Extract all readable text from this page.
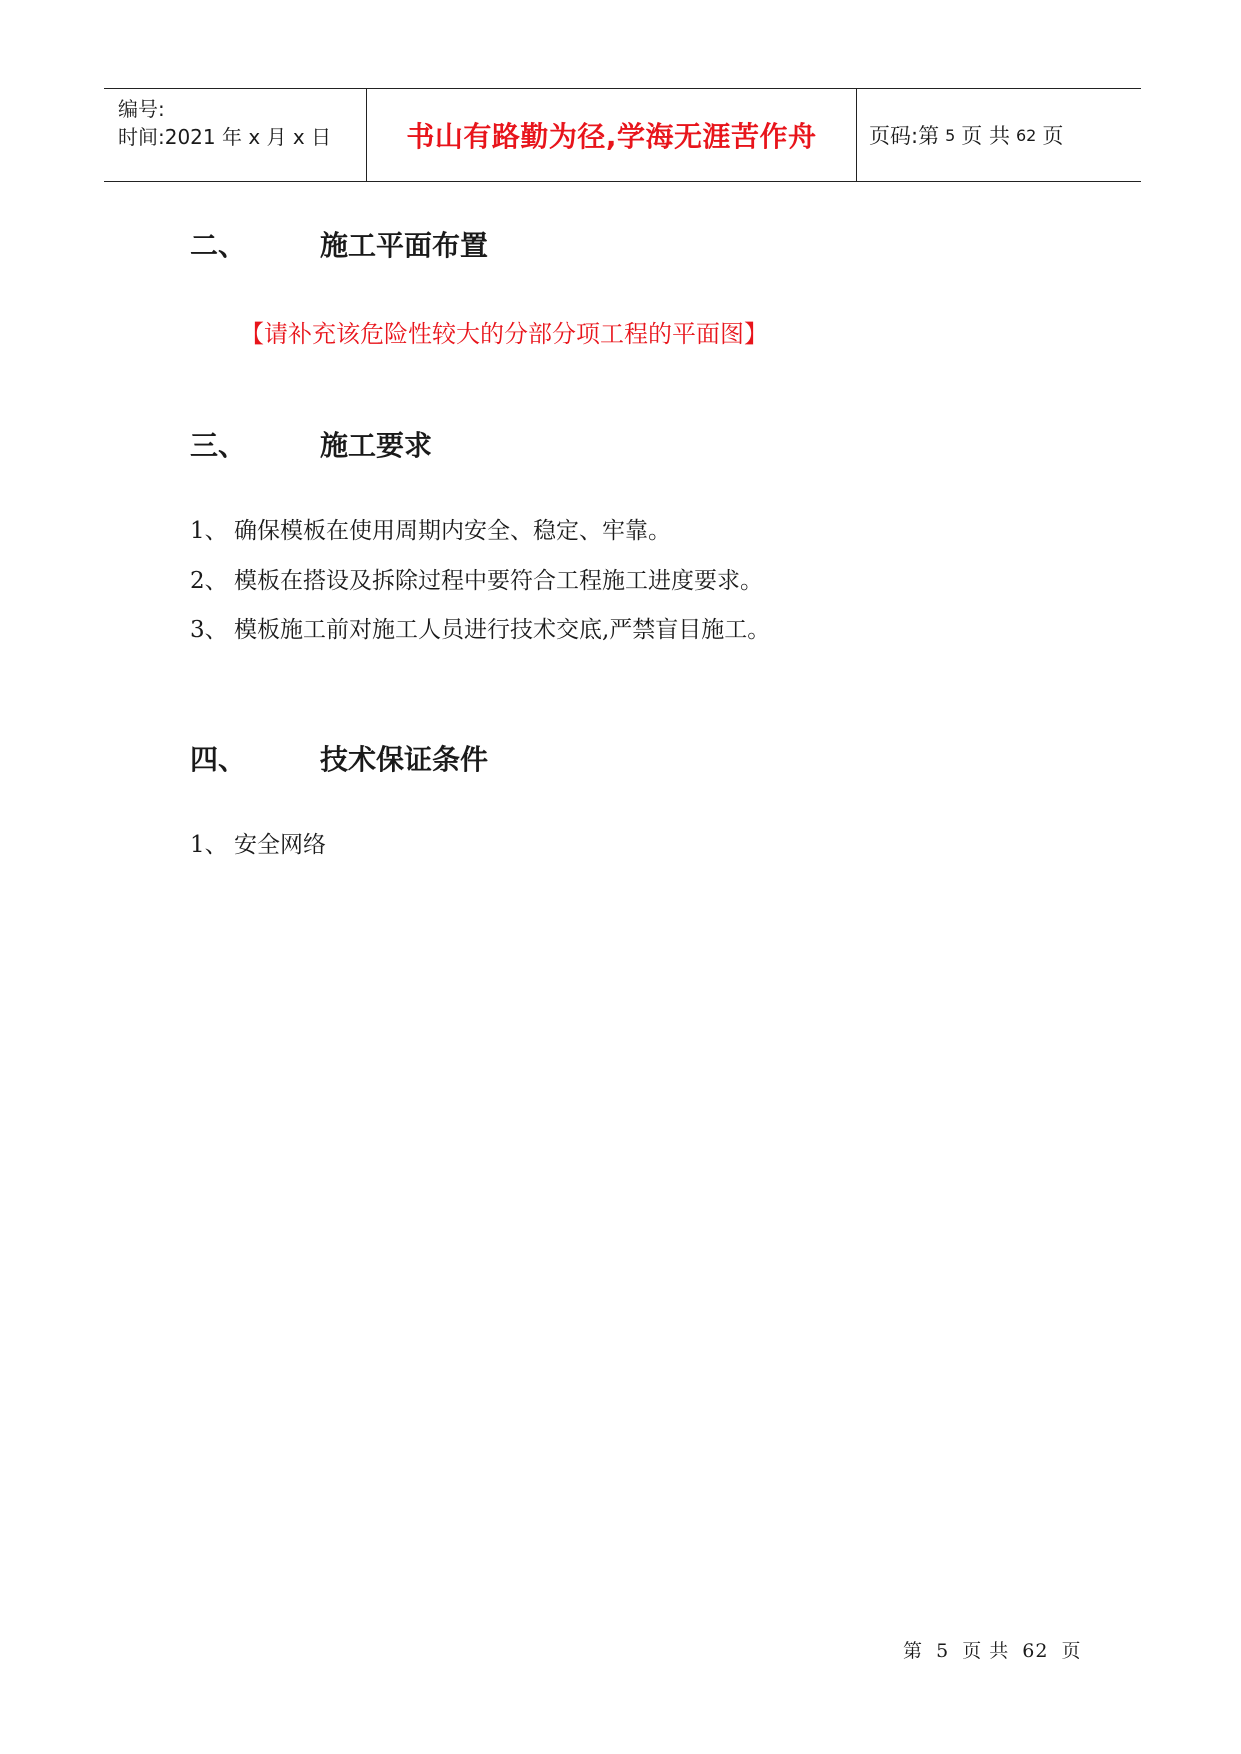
编号:
时间:2021 年 x 月 x 日	书山有路勤为径,学海无涯苦作舟	页码:第 5 页 共 62 页
二、	施工平面布置
【请补充该危险性较大的分部分项工程的平面图】
三、	施工要求
1、 确保模板在使用周期内安全、稳定、牢靠。
2、 模板在搭设及拆除过程中要符合工程施工进度要求。
3、 模板施工前对施工人员进行技术交底,严禁盲目施工。
四、	技术保证条件
1、 安全网络
第 5 页 共 62 页
